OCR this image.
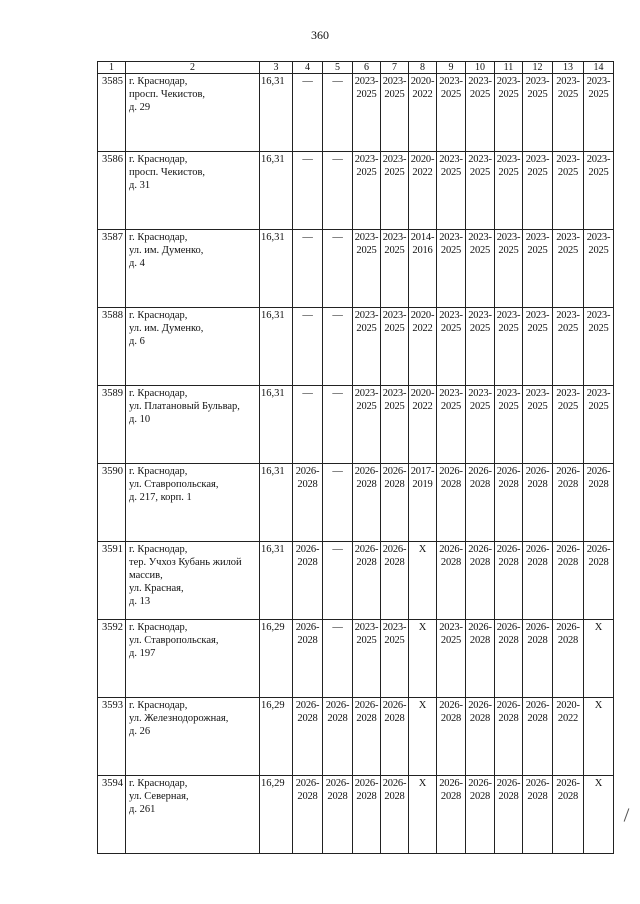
360
1	2	3	4	5	6	7	8	9	10	11	12	13	14
3585	г. Краснодар,
просп. Чекистов,
д. 29	16,31	—	—	2023-
2025	2023-
2025	2020-
2022	2023-
2025	2023-
2025	2023-
2025	2023-
2025	2023-
2025	2023-
2025

3586	г. Краснодар,
просп. Чекистов,
д. 31	16,31	—	—	2023-
2025	2023-
2025	2020-
2022	2023-
2025	2023-
2025	2023-
2025	2023-
2025	2023-
2025	2023-
2025

3587	г. Краснодар,
ул. им. Думенко,
д. 4	16,31	—	—	2023-
2025	2023-
2025	2014-
2016	2023-
2025	2023-
2025	2023-
2025	2023-
2025	2023-
2025	2023-
2025

3588	г. Краснодар,
ул. им. Думенко,
д. 6	16,31	—	—	2023-
2025	2023-
2025	2020-
2022	2023-
2025	2023-
2025	2023-
2025	2023-
2025	2023-
2025	2023-
2025

3589	г. Краснодар,
ул. Платановый Бульвар,
д. 10	16,31	—	—	2023-
2025	2023-
2025	2020-
2022	2023-
2025	2023-
2025	2023-
2025	2023-
2025	2023-
2025	2023-
2025

3590	г. Краснодар,
ул. Ставропольская,
д. 217, корп. 1	16,31	2026-
2028	—	2026-
2028	2026-
2028	2017-
2019	2026-
2028	2026-
2028	2026-
2028	2026-
2028	2026-
2028	2026-
2028

3591	г. Краснодар,
тер. Учхоз Кубань жилой
массив,
ул. Красная,
д. 13	16,31	2026-
2028	—	2026-
2028	2026-
2028	X	2026-
2028	2026-
2028	2026-
2028	2026-
2028	2026-
2028	2026-
2028

3592	г. Краснодар,
ул. Ставропольская,
д. 197	16,29	2026-
2028	—	2023-
2025	2023-
2025	X	2023-
2025	2026-
2028	2026-
2028	2026-
2028	2026-
2028	X

3593	г. Краснодар,
ул. Железнодорожная,
д. 26	16,29	2026-
2028	2026-
2028	2026-
2028	2026-
2028	X	2026-
2028	2026-
2028	2026-
2028	2026-
2028	2020-
2022	X

3594	г. Краснодар,
ул. Северная,
д. 261	16,29	2026-
2028	2026-
2028	2026-
2028	2026-
2028	X	2026-
2028	2026-
2028	2026-
2028	2026-
2028	2026-
2028	X
